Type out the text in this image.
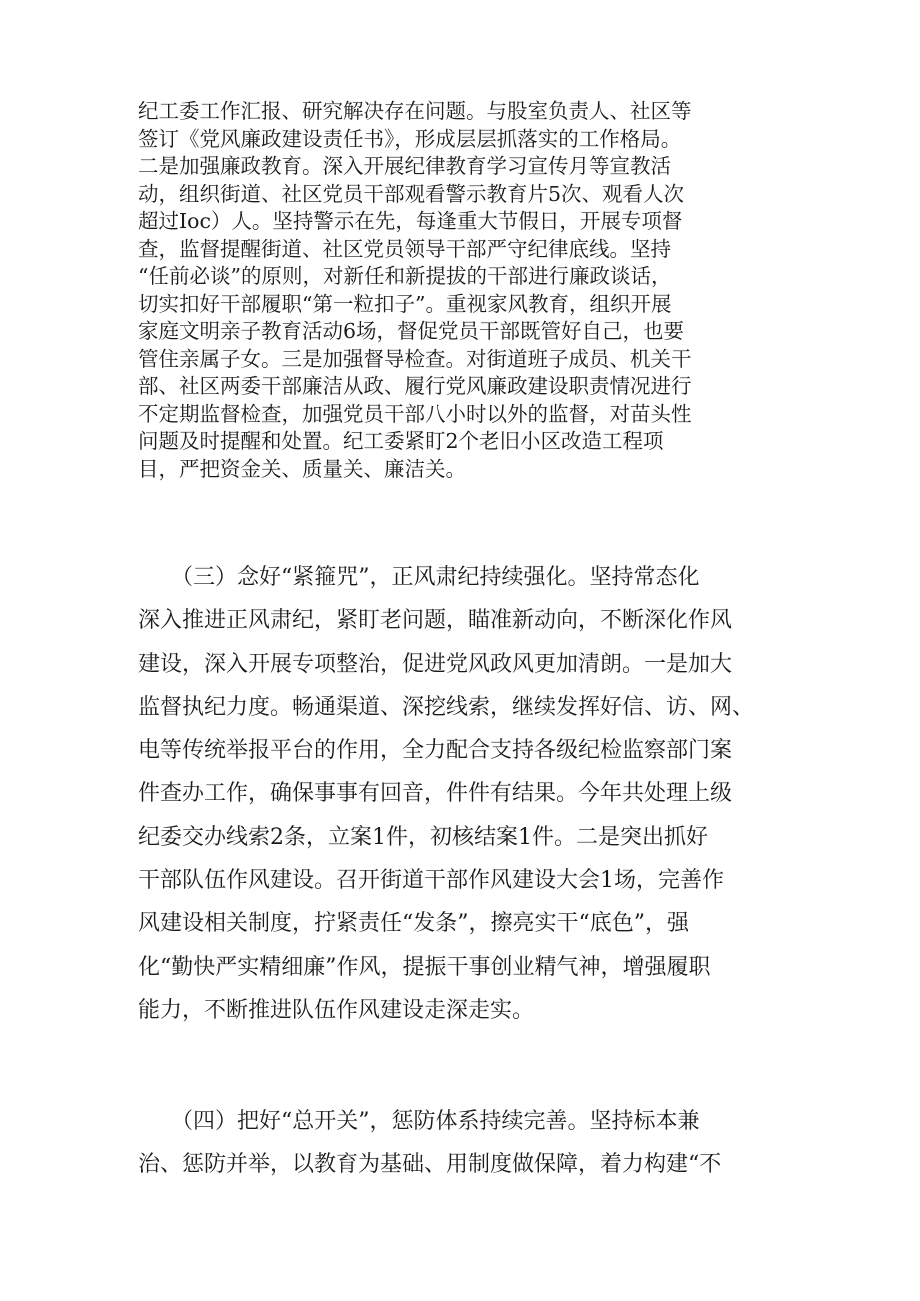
纪工委工作汇报、研究解决存在问题。与股室负责人、社区等
签订《党风廉政建设责任书》，形成层层抓落实的工作格局。
二是加强廉政教育。深入开展纪律教育学习宣传月等宣教活
动，组织街道、社区党员干部观看警示教育片5次、观看人次
超过Ioc）人。坚持警示在先，每逢重大节假日，开展专项督
查，监督提醒街道、社区党员领导干部严守纪律底线。坚持
“任前必谈”的原则，对新任和新提拔的干部进行廉政谈话，
切实扣好干部履职“第一粒扣子”。重视家风教育，组织开展
家庭文明亲子教育活动6场，督促党员干部既管好自己，也要
管住亲属子女。三是加强督导检查。对街道班子成员、机关干
部、社区两委干部廉洁从政、履行党风廉政建设职责情况进行
不定期监督检查，加强党员干部八小时以外的监督，对苗头性
问题及时提醒和处置。纪工委紧盯2个老旧小区改造工程项
目，严把资金关、质量关、廉洁关。
　　（三）念好“紧箍咒”，正风肃纪持续强化。坚持常态化
深入推进正风肃纪，紧盯老问题，瞄准新动向，不断深化作风
建设，深入开展专项整治，促进党风政风更加清朗。一是加大
监督执纪力度。畅通渠道、深挖线索，继续发挥好信、访、网、
电等传统举报平台的作用，全力配合支持各级纪检监察部门案
件查办工作，确保事事有回音，件件有结果。今年共处理上级
纪委交办线索2条，立案1件，初核结案1件。二是突出抓好
干部队伍作风建设。召开街道干部作风建设大会1场，完善作
风建设相关制度，拧紧责任“发条”，擦亮实干“底色”，强
化“勤快严实精细廉”作风，提振干事创业精气神，增强履职
能力，不断推进队伍作风建设走深走实。
　　（四）把好“总开关”，惩防体系持续完善。坚持标本兼
治、惩防并举，以教育为基础、用制度做保障，着力构建“不
